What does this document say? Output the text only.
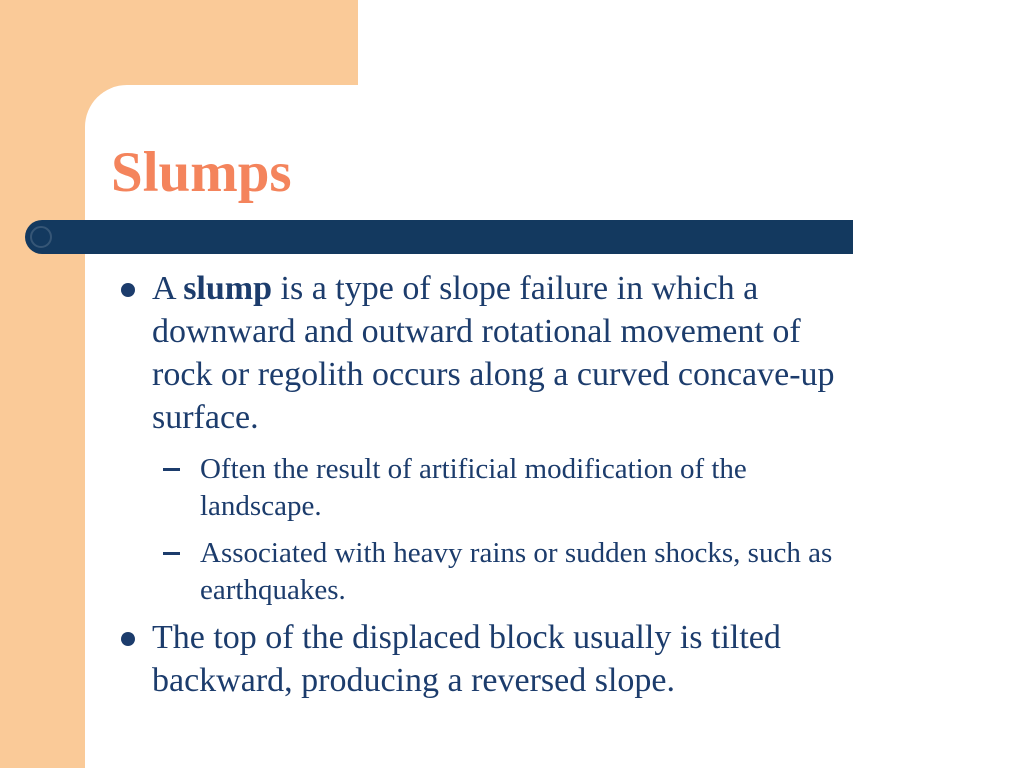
Slumps
A slump is a type of slope failure in which a
downward and outward rotational movement of
rock or regolith occurs along a curved concave-up
surface.
Often the result of artificial modification of the
landscape.
Associated with heavy rains or sudden shocks, such as
earthquakes.
The top of the displaced block usually is tilted
backward, producing a reversed slope.
